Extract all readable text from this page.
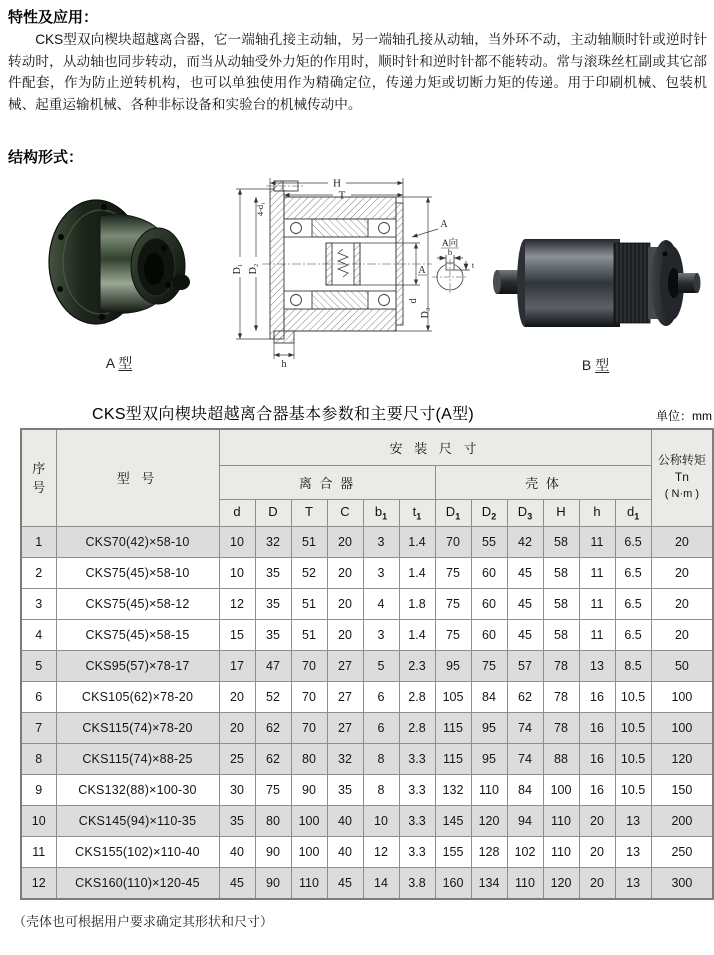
特性及应用：
CKS型双向楔块超越离合器，它一端轴孔接主动轴，另一端轴孔接从动轴，当外环不动，主动轴顺时针或逆时针转动时，从动轴也同步转动，而当从动轴受外力矩的作用时，顺时针和逆时针都不能转动。常与滚珠丝杠副或其它部件配套，作为防止逆转机构，也可以单独使用作为精确定位，传递力矩或切断力矩的传递。用于印刷机械、包装机械、起重运输机械、各种非标设备和实验台的机械传动中。
结构形式：
A 型
H
T
4-d₁
D₁ D₂
d
D₃
h
A
A向
b
t
A
B 型
CKS型双向楔块超越离合器基本参数和主要尺寸(A型)	单位：mm
序号	型 号	安 装 尺 寸												公称转矩
Tn
( N·m )

		离 合 器						壳 体						
		d	D	T	C	$b_1$	$t_1$	$D_1$	$D_2$	$D_3$	H	h	$d_1$
1	CKS70(42)×58-10	10	32	51	20	3	1.4	70	55	42	58	11	6.5	20
2	CKS75(45)×58-10	10	35	52	20	3	1.4	75	60	45	58	11	6.5	20
3	CKS75(45)×58-12	12	35	51	20	4	1.8	75	60	45	58	11	6.5	20
4	CKS75(45)×58-15	15	35	51	20	3	1.4	75	60	45	58	11	6.5	20
5	CKS95(57)×78-17	17	47	70	27	5	2.3	95	75	57	78	13	8.5	50
6	CKS105(62)×78-20	20	52	70	27	6	2.8	105	84	62	78	16	10.5	100
7	CKS115(74)×78-20	20	62	70	27	6	2.8	115	95	74	78	16	10.5	100
8	CKS115(74)×88-25	25	62	80	32	8	3.3	115	95	74	88	16	10.5	120
9	CKS132(88)×100-30	30	75	90	35	8	3.3	132	110	84	100	16	10.5	150
10	CKS145(94)×110-35	35	80	100	40	10	3.3	145	120	94	110	20	13	200
11	CKS155(102)×110-40	40	90	100	40	12	3.3	155	128	102	110	20	13	250
12	CKS160(110)×120-45	45	90	110	45	14	3.8	160	134	110	120	20	13	300
（壳体也可根据用户要求确定其形状和尺寸）
